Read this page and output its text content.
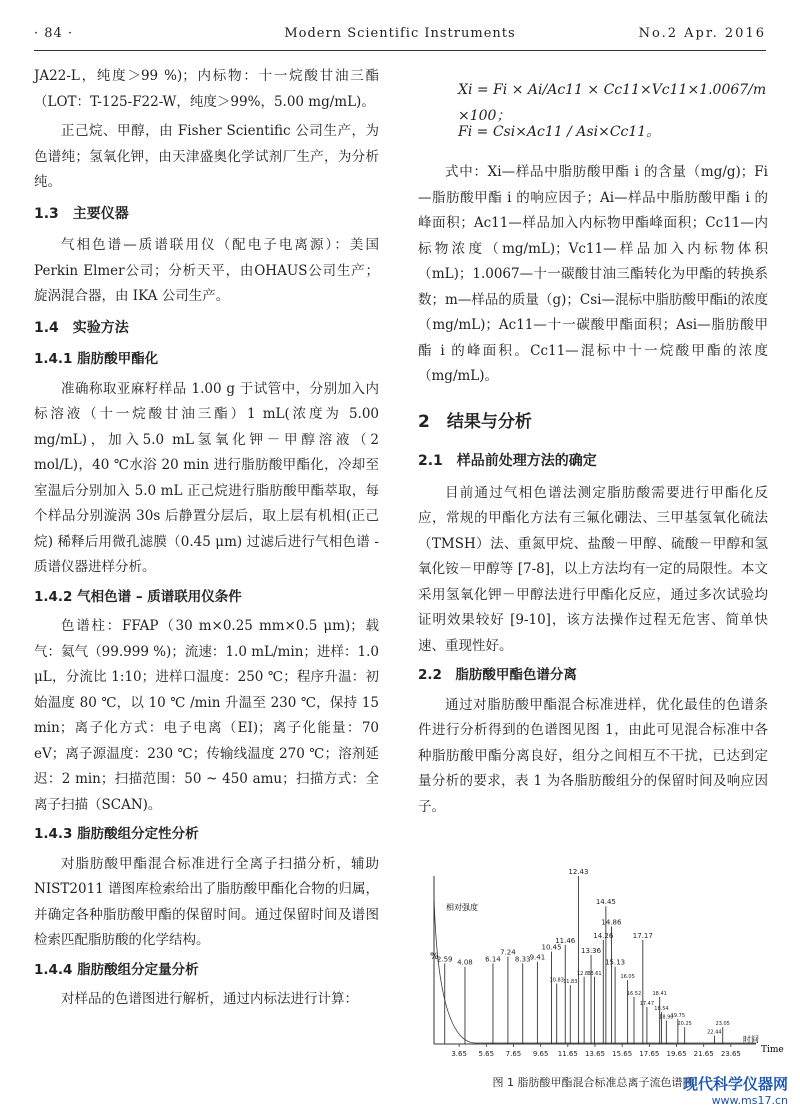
· 84 ·	Modern Scientific Instruments	No.2 Apr. 2016

JA22-L，纯度＞99 %)；内标物：十一烷酸甘油三酯（LOT：T-125-F22-W，纯度＞99%，5.00 mg/mL)。

正己烷、甲醇，由 Fisher Scientific 公司生产，为色谱纯；氢氧化钾，由天津盛奥化学试剂厂生产，为分析纯。

1.3　主要仪器

气相色谱—质谱联用仪（配电子电离源）：美国 Perkin Elmer公司；分析天平，由OHAUS公司生产；旋涡混合器，由 IKA 公司生产。

1.4　实验方法
1.4.1 脂肪酸甲酯化

准确称取亚麻籽样品 1.00 g 于试管中，分别加入内标溶液（十一烷酸甘油三酯）1 mL(浓度为 5.00 mg/mL)，加入5.0 mL氢氧化钾－甲醇溶液（2 mol/L)，40 ℃水浴 20 min 进行脂肪酸甲酯化，冷却至室温后分别加入 5.0 mL 正己烷进行脂肪酸甲酯萃取，每个样品分别漩涡 30s 后静置分层后，取上层有机相(正己烷) 稀释后用微孔滤膜（0.45 μm) 过滤后进行气相色谱 - 质谱仪器进样分析。

1.4.2 气相色谱 – 质谱联用仪条件

色谱柱：FFAP（30 m×0.25 mm×0.5 μm)；载气：氦气（99.999 %)；流速：1.0 mL/min；进样：1.0 μL，分流比 1:10；进样口温度：250 ℃；程序升温：初始温度 80 ℃，以 10 ℃ /min 升温至 230 ℃，保持 15 min；离子化方式：电子电离（EI)；离子化能量：70 eV；离子源温度：230 ℃；传输线温度 270 ℃；溶剂延迟：2 min；扫描范围：50 ~ 450 amu；扫描方式：全离子扫描（SCAN)。

1.4.3 脂肪酸组分定性分析

对脂肪酸甲酯混合标准进行全离子扫描分析，辅助 NIST2011 谱图库检索给出了脂肪酸甲酯化合物的归属，并确定各种脂肪酸甲酯的保留时间。通过保留时间及谱图检索匹配脂肪酸的化学结构。

1.4.4 脂肪酸组分定量分析

对样品的色谱图进行解析，通过内标法进行计算：

Xi = Fi × Ai/Ac11 × Cc11×Vc11×1.0067/m ×100；
Fi = Csi×Ac11 / Asi×Cc11。

式中：Xi—样品中脂肪酸甲酯 i 的含量（mg/g)；Fi—脂肪酸甲酯 i 的响应因子；Ai—样品中脂肪酸甲酯 i 的峰面积；Ac11—样品加入内标物甲酯峰面积；Cc11—内标物浓度（mg/mL)；Vc11—样品加入内标物体积（mL)；1.0067—十一碳酸甘油三酯转化为甲酯的转换系数；m—样品的质量（g)；Csi—混标中脂肪酸甲酯i的浓度（mg/mL)；Ac11—十一碳酸甲酯面积；Asi—脂肪酸甲酯 i 的峰面积。Cc11—混标中十一烷酸甲酯的浓度（mg/mL)。

2　结果与分析
2.1　样品前处理方法的确定

目前通过气相色谱法测定脂肪酸需要进行甲酯化反应，常规的甲酯化方法有三氟化硼法、三甲基氢氧化硫法（TMSH）法、重氮甲烷、盐酸－甲醇、硫酸－甲醇和氢氧化铵－甲醇等 [7-8]，以上方法均有一定的局限性。本文采用氢氧化钾－甲醇法进行甲酯化反应，通过多次试验均证明效果较好 [9-10]，该方法操作过程无危害、简单快速、重现性好。

2.2　脂肪酸甲酯色谱分离

通过对脂肪酸甲酯混合标准进样，优化最佳的色谱条件进行分析得到的色谱图见图 1，由此可见混合标准中各种脂肪酸甲酯分离良好，组分之间相互不干扰，已达到定量分析的要求，表 1 为各脂肪酸组分的保留时间及响应因子。

2.59 4.08 6.14
7.24
8.33 9.41
10.45
10.83
11.46
11.83
12.43
12.85
13.36
13.61
14.26
14.45
14.86
15.13
16.05
16.52
17.17
17.47
18.41
18.54
18.90
19.75
20.25
22.44
23.05
3.65 5.65 7.65 9.65 11.65 13.65 15.65 17.65 19.65 21.65 23.65
相对强度
%
时间
Time
图 1 脂肪酸甲酯混合标准总离子流色谱图
现代科学仪器网
www.ms17.cn
